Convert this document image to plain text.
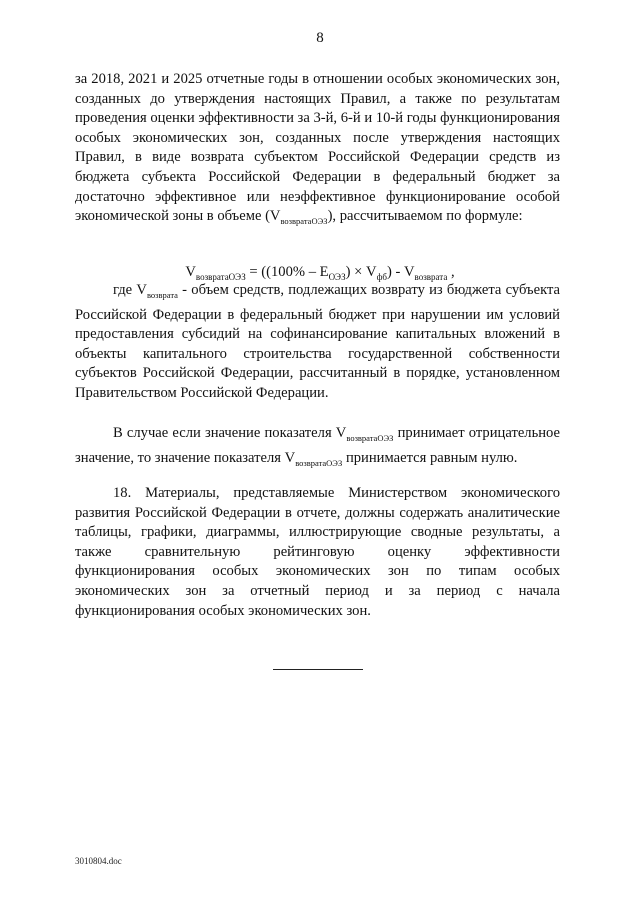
8

за 2018, 2021 и 2025 отчетные годы в отношении особых экономических зон, созданных до утверждения настоящих Правил, а также по результатам проведения оценки эффективности за 3-й, 6-й и 10-й годы функционирования особых экономических зон, созданных после утверждения настоящих Правил, в виде возврата субъектом Российской Федерации средств из бюджета субъекта Российской Федерации в федеральный бюджет за достаточно эффективное или неэффективное функционирование особой экономической зоны в объеме $(V_{возвратаОЭЗ})$, рассчитываемом по формуле:

$V_{возвратаОЭЗ} = ((100\% - E_{ОЭЗ}) \times V_{фб}) - V_{возврата}$ ,

где $V_{возврата}$ - объем средств, подлежащих возврату из бюджета субъекта Российской Федерации в федеральный бюджет при нарушении им условий предоставления субсидий на софинансирование капитальных вложений в объекты капитального строительства государственной собственности субъектов Российской Федерации, рассчитанный в порядке, установленном Правительством Российской Федерации.

В случае если значение показателя $V_{возвратаОЭЗ}$ принимает отрицательное значение, то значение показателя $V_{возвратаОЭЗ}$ принимается равным нулю.

18. Материалы, представляемые Министерством экономического развития Российской Федерации в отчете, должны содержать аналитические таблицы, графики, диаграммы, иллюстрирующие сводные результаты, а также сравнительную рейтинговую оценку эффективности функционирования особых экономических зон по типам особых экономических зон за отчетный период и за период с начала функционирования особых экономических зон.

3010804.doc
